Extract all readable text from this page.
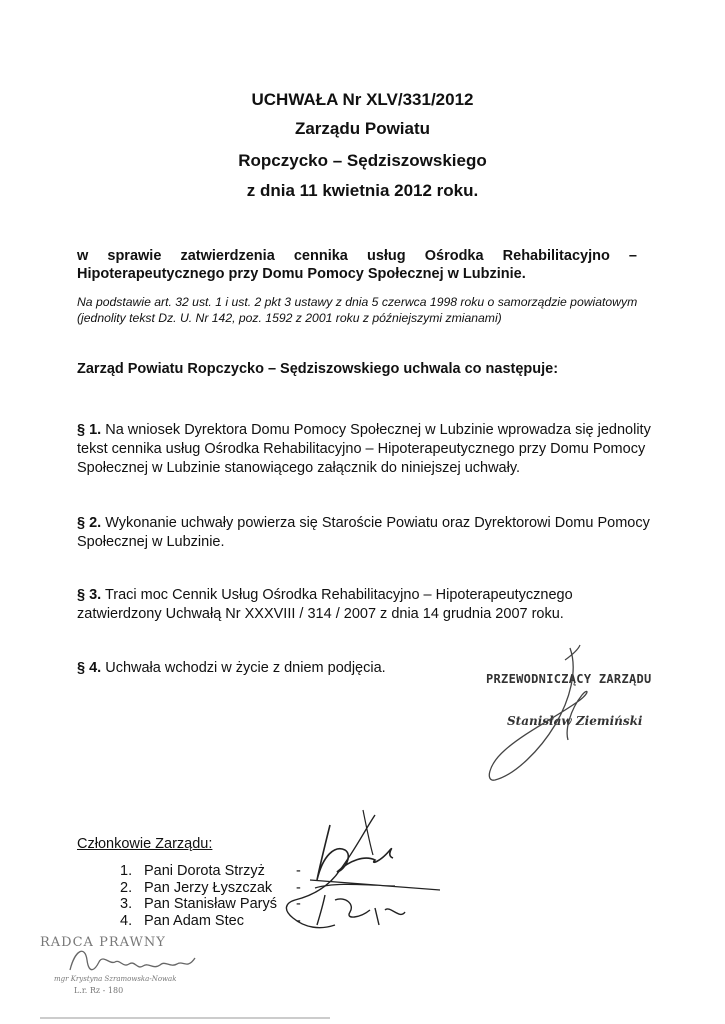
UCHWAŁA Nr XLV/331/2012
Zarządu Powiatu
Ropczycko – Sędziszowskiego
z dnia 11 kwietnia 2012 roku.
w sprawie zatwierdzenia cennika usług Ośrodka Rehabilitacyjno –
Hipoterapeutycznego przy Domu Pomocy Społecznej w Lubzinie.
Na podstawie art. 32 ust. 1 i ust. 2 pkt 3 ustawy z dnia 5 czerwca 1998 roku o samorządzie powiatowym (jednolity tekst Dz. U. Nr 142, poz. 1592 z 2001 roku z późniejszymi zmianami)
Zarząd Powiatu Ropczycko – Sędziszowskiego uchwala co następuje:
§ 1. Na wniosek Dyrektora Domu Pomocy Społecznej w Lubzinie wprowadza się jednolity tekst cennika usług Ośrodka Rehabilitacyjno – Hipoterapeutycznego przy Domu Pomocy Społecznej w Lubzinie stanowiącego załącznik do niniejszej uchwały.
§ 2. Wykonanie uchwały powierza się Staroście Powiatu oraz Dyrektorowi Domu Pomocy Społecznej w Lubzinie.
§ 3. Traci moc Cennik Usług Ośrodka Rehabilitacyjno – Hipoterapeutycznego zatwierdzony Uchwałą Nr XXXVIII / 314 / 2007 z dnia 14 grudnia 2007 roku.
§ 4. Uchwała wchodzi w życie z dniem podjęcia.
PRZEWODNICZĄCY ZARZĄDU
Stanisław Ziemiński
Członkowie Zarządu:
1. Pani Dorota Strzyż
2. Pan Jerzy Łyszczak
3. Pan Stanisław Paryś
4. Pan Adam Stec
-
-
-
-
RADCA PRAWNY
mgr Krystyna Szramowska-Nowak
L.r. Rz - 180
